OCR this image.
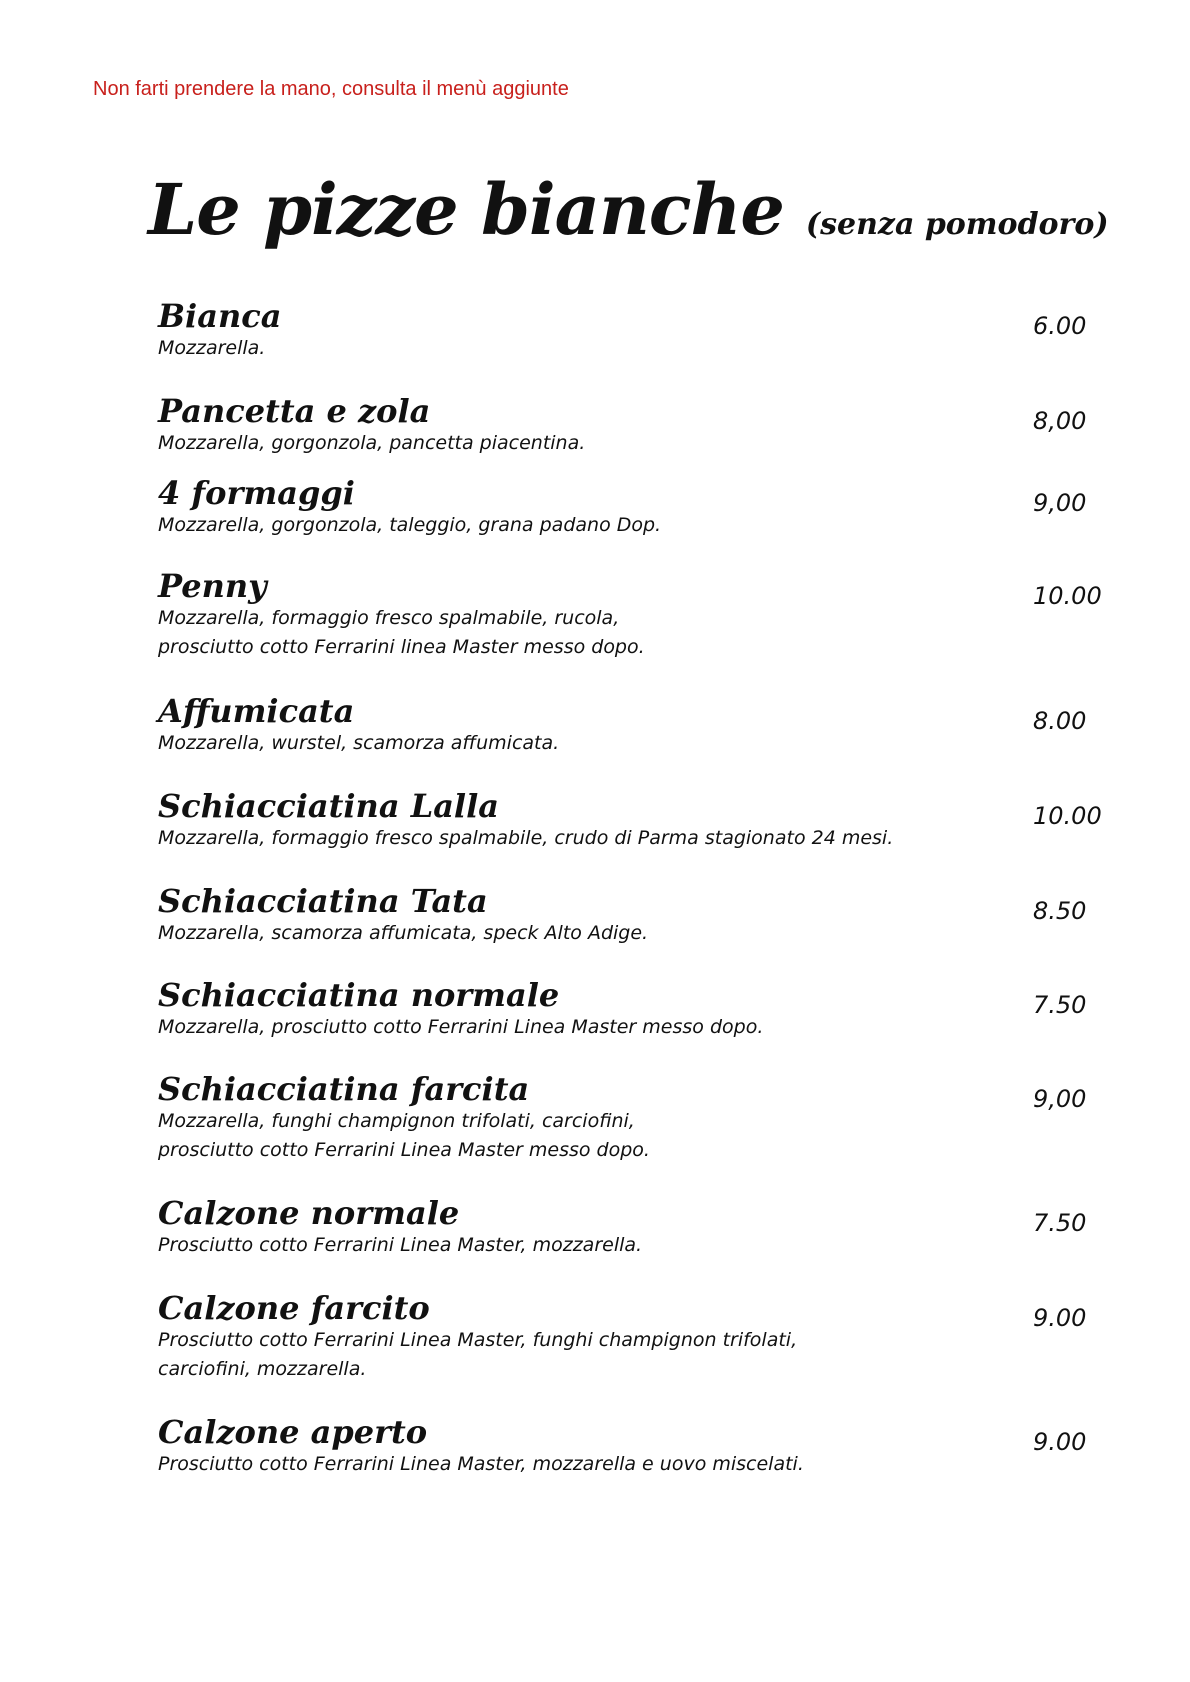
Non farti prendere la mano, consulta il menù aggiunte
Le pizze bianche (senza pomodoro)
Bianca
Mozzarella.
6.00
Pancetta e zola
Mozzarella, gorgonzola, pancetta piacentina.
8,00
4 formaggi
Mozzarella, gorgonzola, taleggio, grana padano Dop.
9,00
Penny
Mozzarella, formaggio fresco spalmabile, rucola,
prosciutto cotto Ferrarini linea Master messo dopo.
10.00
Affumicata
Mozzarella, wurstel, scamorza affumicata.
8.00
Schiacciatina Lalla
Mozzarella, formaggio fresco spalmabile, crudo di Parma stagionato 24 mesi.
10.00
Schiacciatina Tata
Mozzarella, scamorza affumicata, speck Alto Adige.
8.50
Schiacciatina normale
Mozzarella, prosciutto cotto Ferrarini Linea Master messo dopo.
7.50
Schiacciatina farcita
Mozzarella, funghi champignon trifolati, carciofini,
prosciutto cotto Ferrarini Linea Master messo dopo.
9,00
Calzone normale
Prosciutto cotto Ferrarini Linea Master, mozzarella.
7.50
Calzone farcito
Prosciutto cotto Ferrarini Linea Master, funghi champignon trifolati,
carciofini, mozzarella.
9.00
Calzone aperto
Prosciutto cotto Ferrarini Linea Master, mozzarella e uovo miscelati.
9.00
